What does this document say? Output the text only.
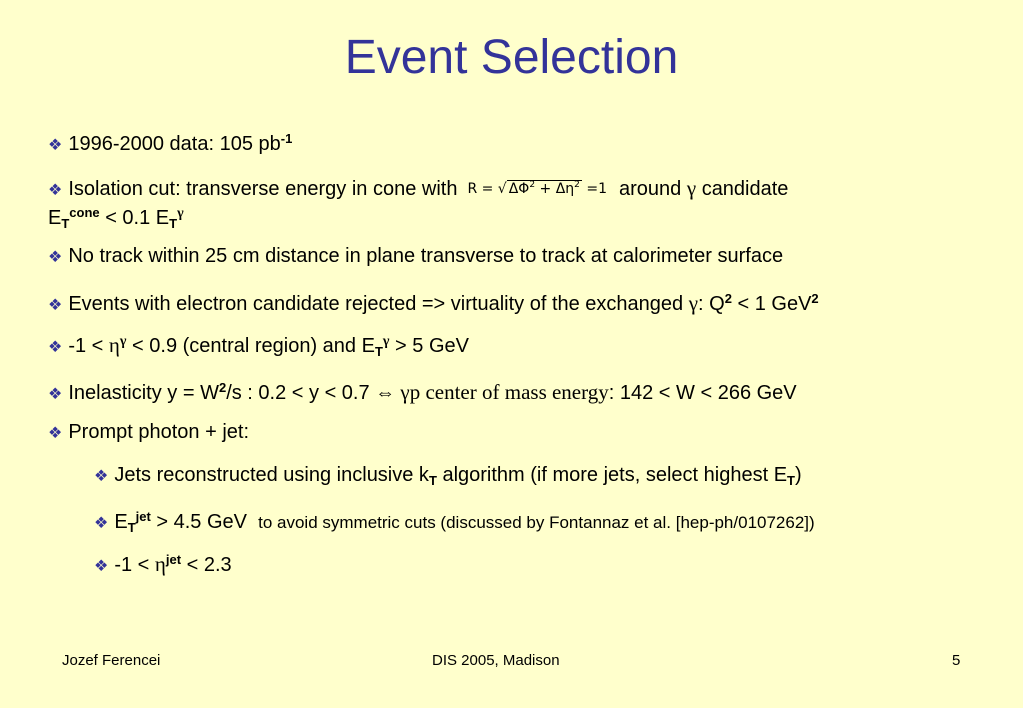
Event Selection
❖ 1996-2000 data: 105 $pb^{-1}$
❖ Isolation cut: transverse energy in cone with R = √ $\Delta\Phi^2 + \Delta\eta^2 =1$ around γ candidate
$E_T^{cone} < 0.1$ $E_T^\gamma$
❖ No track within 25 cm distance in plane transverse to track at calorimeter surface
❖ Events with electron candidate rejected => virtuality of the exchanged γ: $Q^2 < 1$ GeV$^2$
❖ $-1 < \eta^\gamma < 0.9$ (central region) and $E_T^\gamma > 5$ GeV
❖ Inelasticity $y = W^2/s$ : 0.2 < y < 0.7 ⇔ γp center of mass energy: 142 < W < 266 GeV
❖ Prompt photon + jet:
❖ Jets reconstructed using inclusive $k_T$ algorithm (if more jets, select highest $E_T$)
❖ $E_T^{jet} > 4.5$ GeV to avoid symmetric cuts (discussed by Fontannaz et al. [hep-ph/0107262])
❖ $-1 < \eta^{jet} < 2.3$
Jozef Ferencei	DIS 2005, Madison	5
